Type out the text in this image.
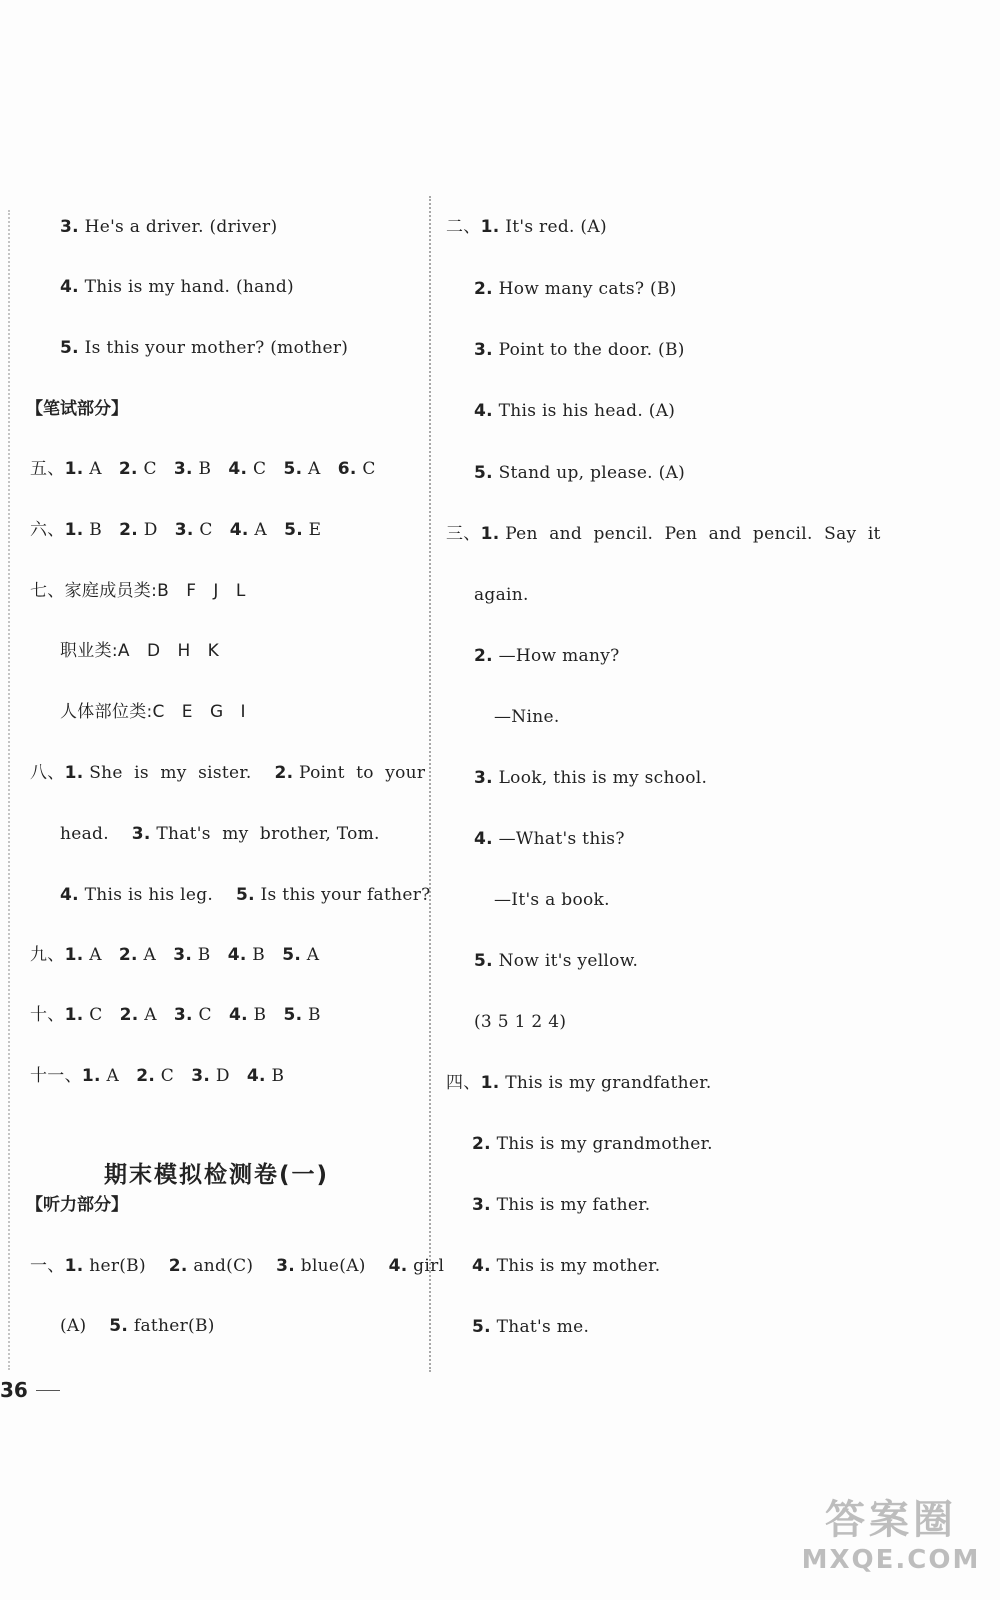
3. He's a driver. (driver)
4. This is my hand. (hand)
5. Is this your mother? (mother)
【笔试部分】
五、1. A   2. C   3. B   4. C   5. A   6. C
六、1. B   2. D   3. C   4. A   5. E
七、家庭成员类:B   F   J   L
职业类:A   D   H   K
人体部位类:C   E   G   I
八、1. She  is  my  sister.    2. Point  to  your
head.    3. That's  my  brother, Tom.
4. This is his leg.    5. Is this your father?
九、1. A   2. A   3. B   4. B   5. A
十、1. C   2. A   3. C   4. B   5. B
十一、1. A   2. C   3. D   4. B
期末模拟检测卷(一)
【听力部分】
一、1. her(B)    2. and(C)    3. blue(A)    4. girl
(A)    5. father(B)
二、1. It's red. (A)
2. How many cats? (B)
3. Point to the door. (B)
4. This is his head. (A)
5. Stand up, please. (A)
三、1. Pen  and  pencil.  Pen  and  pencil.  Say  it
again.
2. —How many?
—Nine.
3. Look, this is my school.
4. —What's this?
—It's a book.
5. Now it's yellow.
(3 5 1 2 4)
四、1. This is my grandfather.
2. This is my grandmother.
3. This is my father.
4. This is my mother.
5. That's me.
36
答案圈
MXQE.COM
